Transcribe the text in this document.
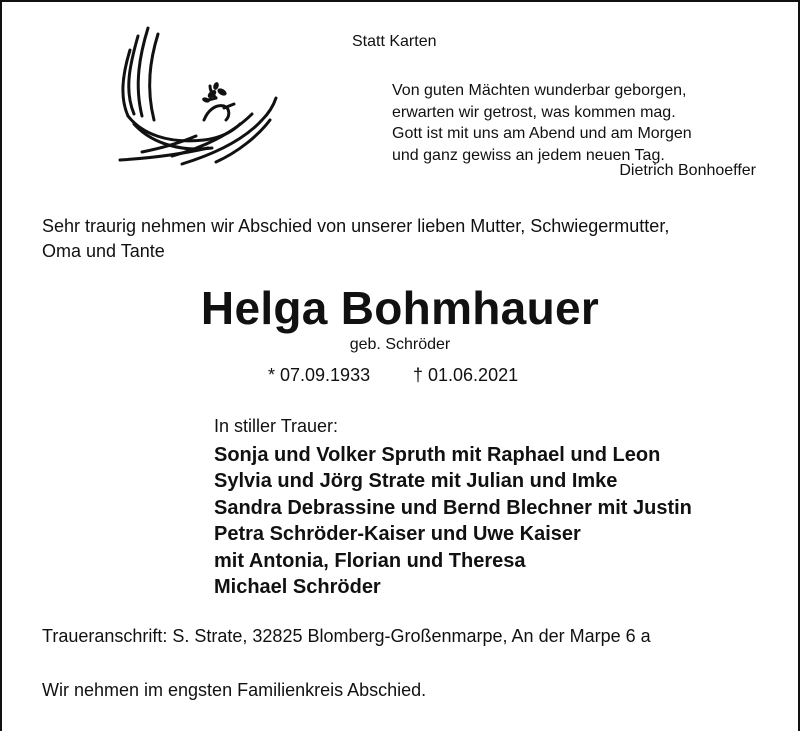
Statt Karten
Von guten Mächten wunderbar geborgen,
erwarten wir getrost, was kommen mag.
Gott ist mit uns am Abend und am Morgen
und ganz gewiss an jedem neuen Tag.
Dietrich Bonhoeffer
Sehr traurig nehmen wir Abschied von unserer lieben Mutter, Schwiegermutter,
Oma und Tante
Helga Bohmhauer
geb. Schröder
* 07.09.1933 † 01.06.2021
In stiller Trauer:
Sonja und Volker Spruth mit Raphael und Leon
Sylvia und Jörg Strate mit Julian und Imke
Sandra Debrassine und Bernd Blechner mit Justin
Petra Schröder-Kaiser und Uwe Kaiser
mit Antonia, Florian und Theresa
Michael Schröder
Traueranschrift: S. Strate, 32825 Blomberg-Großenmarpe, An der Marpe 6 a
Wir nehmen im engsten Familienkreis Abschied.
